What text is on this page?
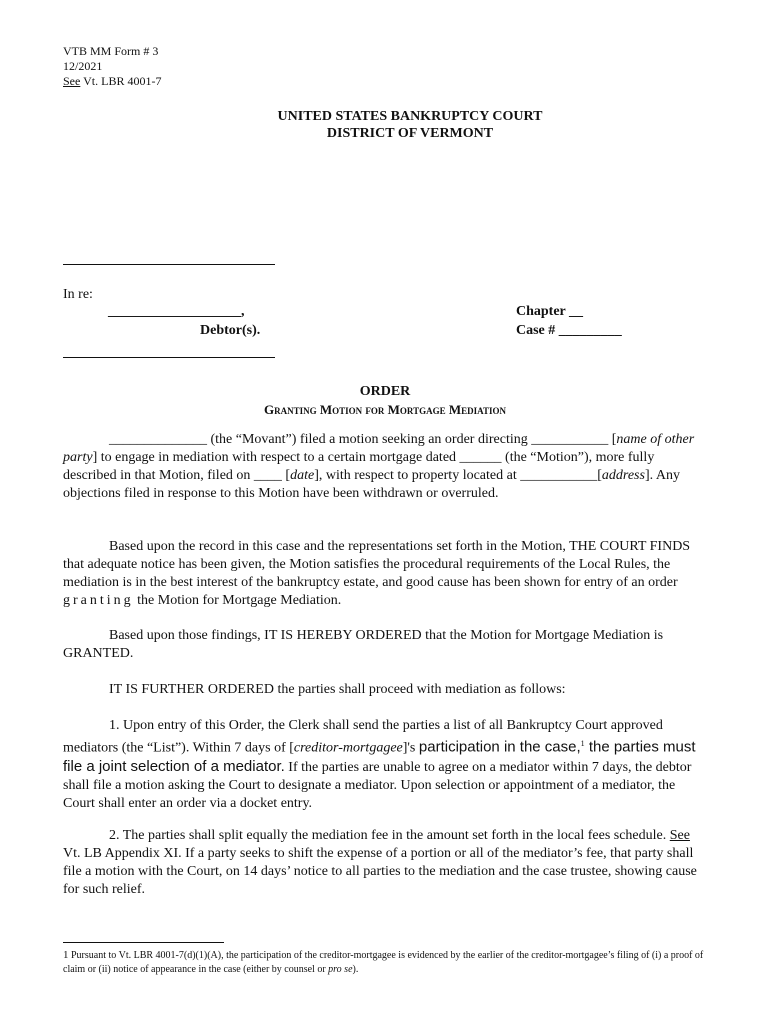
VTB MM Form # 3
12/2021
See Vt. LBR 4001-7
UNITED STATES BANKRUPTCY COURT
DISTRICT OF VERMONT
In re:
___________________,
Debtor(s).
Chapter __
Case # _________
ORDER
Granting Motion for Mortgage Mediation
______________ (the “Movant”) filed a motion seeking an order directing ___________ [name of other party] to engage in mediation with respect to a certain mortgage dated ______ (the “Motion”), more fully described in that Motion, filed on ____ [date], with respect to property located at ___________[address]. Any objections filed in response to this Motion have been withdrawn or overruled.
Based upon the record in this case and the representations set forth in the Motion, THE COURT FINDS that adequate notice has been given, the Motion satisfies the procedural requirements of the Local Rules, the mediation is in the best interest of the bankruptcy estate, and good cause has been shown for entry of an order granting the Motion for Mortgage Mediation.
Based upon those findings, IT IS HEREBY ORDERED that the Motion for Mortgage Mediation is GRANTED.
IT IS FURTHER ORDERED the parties shall proceed with mediation as follows:
1. Upon entry of this Order, the Clerk shall send the parties a list of all Bankruptcy Court approved mediators (the “List”). Within 7 days of [creditor-mortgagee]'s participation in the case,$^1$ the parties must file a joint selection of a mediator. If the parties are unable to agree on a mediator within 7 days, the debtor shall file a motion asking the Court to designate a mediator. Upon selection or appointment of a mediator, the Court shall enter an order via a docket entry.
2. The parties shall split equally the mediation fee in the amount set forth in the local fees schedule. See Vt. LB Appendix XI. If a party seeks to shift the expense of a portion or all of the mediator’s fee, that party shall file a motion with the Court, on 14 days’ notice to all parties to the mediation and the case trustee, showing cause for such relief.
1 Pursuant to Vt. LBR 4001-7(d)(1)(A), the participation of the creditor-mortgagee is evidenced by the earlier of the creditor-mortgagee’s filing of (i) a proof of claim or (ii) notice of appearance in the case (either by counsel or pro se).
